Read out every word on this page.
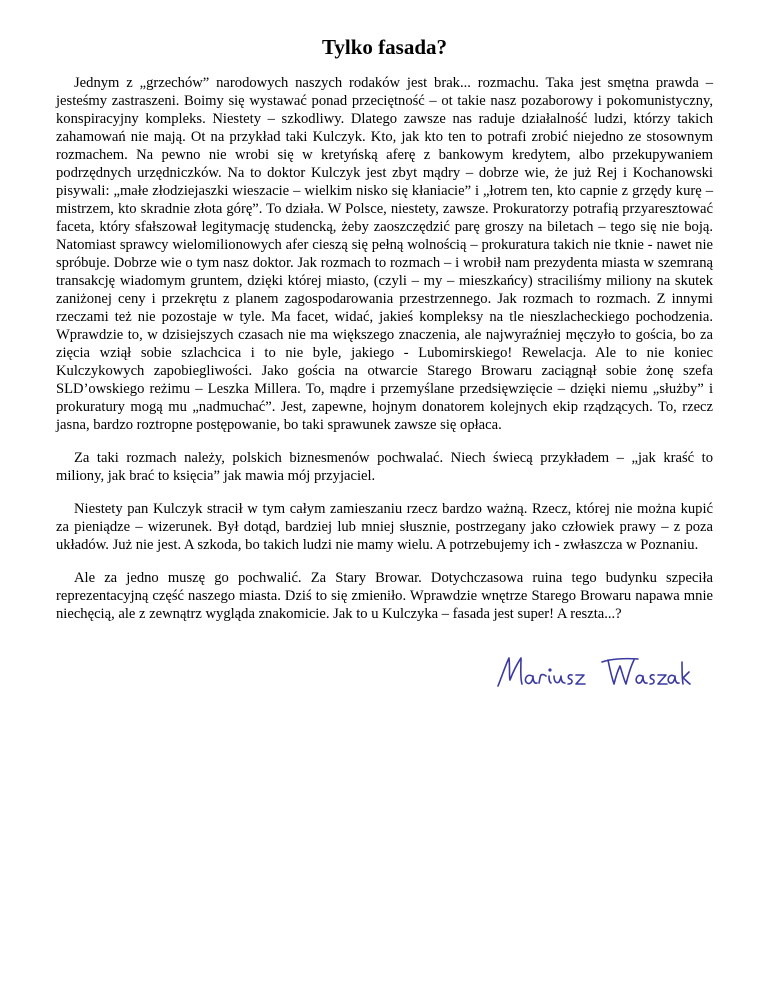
Tylko fasada?

Jednym z „grzechów” narodowych naszych rodaków jest brak... rozmachu. Taka jest smętna prawda – jesteśmy zastraszeni. Boimy się wystawać ponad przeciętność – ot takie nasz pozaborowy i pokomunistyczny, konspiracyjny kompleks. Niestety – szkodliwy. Dlatego zawsze nas raduje działalność ludzi, którzy takich zahamowań nie mają. Ot na przykład taki Kulczyk. Kto, jak kto ten to potrafi zrobić niejedno ze stosownym rozmachem. Na pewno nie wrobi się w kretyńską aferę z bankowym kredytem, albo przekupywaniem podrzędnych urzędniczków. Na to doktor Kulczyk jest zbyt mądry – dobrze wie, że już Rej i Kochanowski pisywali: „małe złodziejaszki wieszacie – wielkim nisko się kłaniacie” i „łotrem ten, kto capnie z grzędy kurę – mistrzem, kto skradnie złota górę”. To działa. W Polsce, niestety, zawsze. Prokuratorzy potrafią przyaresztować faceta, który sfałszował legitymację studencką, żeby zaoszczędzić parę groszy na biletach – tego się nie boją. Natomiast sprawcy wielomilionowych afer cieszą się pełną wolnością – prokuratura takich nie tknie - nawet nie spróbuje. Dobrze wie o tym nasz doktor. Jak rozmach to rozmach – i wrobił nam prezydenta miasta w szemraną transakcję wiadomym gruntem, dzięki której miasto, (czyli – my – mieszkańcy) straciliśmy miliony na skutek zaniżonej ceny i przekrętu z planem zagospodarowania przestrzennego. Jak rozmach to rozmach. Z innymi rzeczami też nie pozostaje w tyle. Ma facet, widać, jakieś kompleksy na tle nieszlacheckiego pochodzenia. Wprawdzie to, w dzisiejszych czasach nie ma większego znaczenia, ale najwyraźniej męczyło to gościa, bo za zięcia wziął sobie szlachcica i to nie byle, jakiego - Lubomirskiego! Rewelacja. Ale to nie koniec Kulczykowych zapobiegliwości. Jako gościa na otwarcie Starego Browaru zaciągnął sobie żonę szefa SLD’owskiego reżimu – Leszka Millera. To, mądre i przemyślane przedsięwzięcie – dzięki niemu „służby” i prokuratury mogą mu „nadmuchać”. Jest, zapewne, hojnym donatorem kolejnych ekip rządzących. To, rzecz jasna, bardzo roztropne postępowanie, bo taki sprawunek zawsze się opłaca.

Za taki rozmach należy, polskich biznesmenów pochwalać. Niech świecą przykładem – „jak kraść to miliony, jak brać to księcia” jak mawia mój przyjaciel.

Niestety pan Kulczyk stracił w tym całym zamieszaniu rzecz bardzo ważną. Rzecz, której nie można kupić za pieniądze – wizerunek. Był dotąd, bardziej lub mniej słusznie, postrzegany jako człowiek prawy – z poza układów. Już nie jest. A szkoda, bo takich ludzi nie mamy wielu. A potrzebujemy ich - zwłaszcza w Poznaniu.

Ale za jedno muszę go pochwalić. Za Stary Browar. Dotychczasowa ruina tego budynku szpeciła reprezentacyjną część naszego miasta. Dziś to się zmieniło. Wprawdzie wnętrze Starego Browaru napawa mnie niechęcią, ale z zewnątrz wygląda znakomicie. Jak to u Kulczyka – fasada jest super! A reszta...?
